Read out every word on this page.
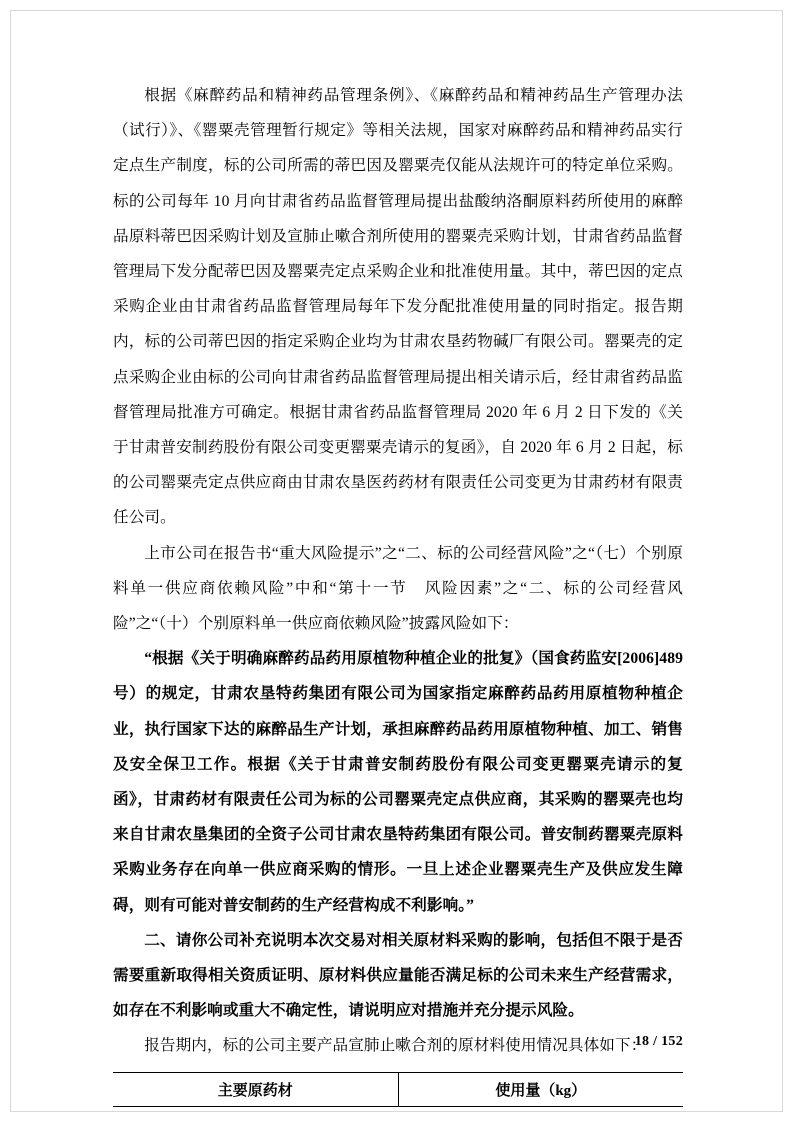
根据《麻醉药品和精神药品管理条例》、《麻醉药品和精神药品生产管理办法（试行）》、《罂粟壳管理暂行规定》等相关法规，国家对麻醉药品和精神药品实行定点生产制度，标的公司所需的蒂巴因及罂粟壳仅能从法规许可的特定单位采购。标的公司每年 10 月向甘肃省药品监督管理局提出盐酸纳洛酮原料药所使用的麻醉品原料蒂巴因采购计划及宣肺止嗽合剂所使用的罂粟壳采购计划，甘肃省药品监督管理局下发分配蒂巴因及罂粟壳定点采购企业和批准使用量。其中，蒂巴因的定点采购企业由甘肃省药品监督管理局每年下发分配批准使用量的同时指定。报告期内，标的公司蒂巴因的指定采购企业均为甘肃农垦药物碱厂有限公司。罂粟壳的定点采购企业由标的公司向甘肃省药品监督管理局提出相关请示后，经甘肃省药品监督管理局批准方可确定。根据甘肃省药品监督管理局 2020 年 6 月 2 日下发的《关于甘肃普安制药股份有限公司变更罂粟壳请示的复函》，自 2020 年 6 月 2 日起，标的公司罂粟壳定点供应商由甘肃农垦医药药材有限责任公司变更为甘肃药材有限责任公司。

上市公司在报告书“重大风险提示”之“二、标的公司经营风险”之“（七）个别原料单一供应商依赖风险”中和“第十一节　风险因素”之“二、标的公司经营风险”之“（十）个别原料单一供应商依赖风险”披露风险如下：

“根据《关于明确麻醉药品药用原植物种植企业的批复》（国食药监安[2006]489 号）的规定，甘肃农垦特药集团有限公司为国家指定麻醉药品药用原植物种植企业，执行国家下达的麻醉品生产计划，承担麻醉药品药用原植物种植、加工、销售及安全保卫工作。根据《关于甘肃普安制药股份有限公司变更罂粟壳请示的复函》，甘肃药材有限责任公司为标的公司罂粟壳定点供应商，其采购的罂粟壳也均来自甘肃农垦集团的全资子公司甘肃农垦特药集团有限公司。普安制药罂粟壳原料采购业务存在向单一供应商采购的情形。一旦上述企业罂粟壳生产及供应发生障碍，则有可能对普安制药的生产经营构成不利影响。”

二、请你公司补充说明本次交易对相关原材料采购的影响，包括但不限于是否需要重新取得相关资质证明、原材料供应量能否满足标的公司未来生产经营需求，如存在不利影响或重大不确定性，请说明应对措施并充分提示风险。

报告期内，标的公司主要产品宣肺止嗽合剂的原材料使用情况具体如下：

主要原药材	使用量（kg）
18 / 152
